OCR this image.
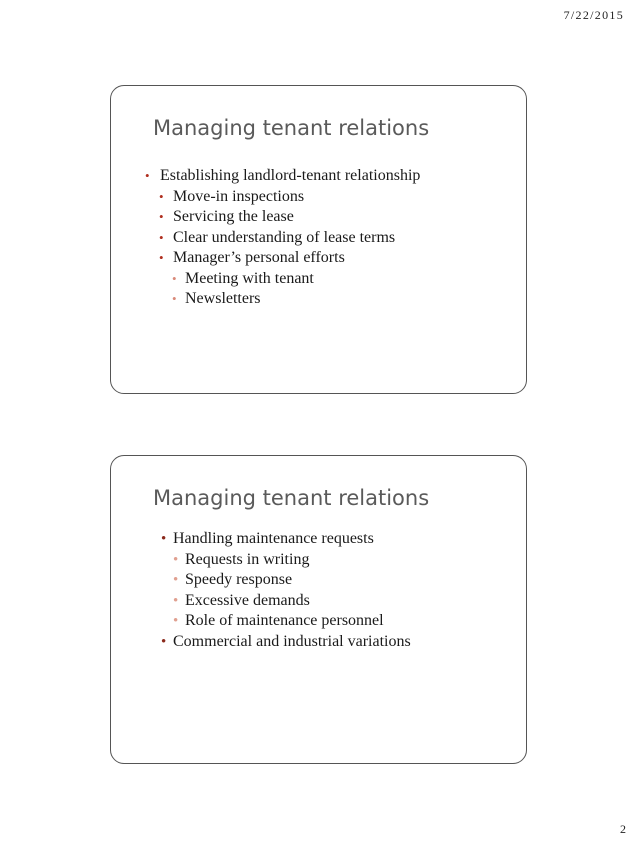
7/22/2015
Managing tenant relations
• Establishing landlord-tenant relationship
• Move-in inspections
• Servicing the lease
• Clear understanding of lease terms
• Manager’s personal efforts
• Meeting with tenant
• Newsletters
Managing tenant relations
• Handling maintenance requests
• Requests in writing
• Speedy response
• Excessive demands
• Role of maintenance personnel
• Commercial and industrial variations
2
